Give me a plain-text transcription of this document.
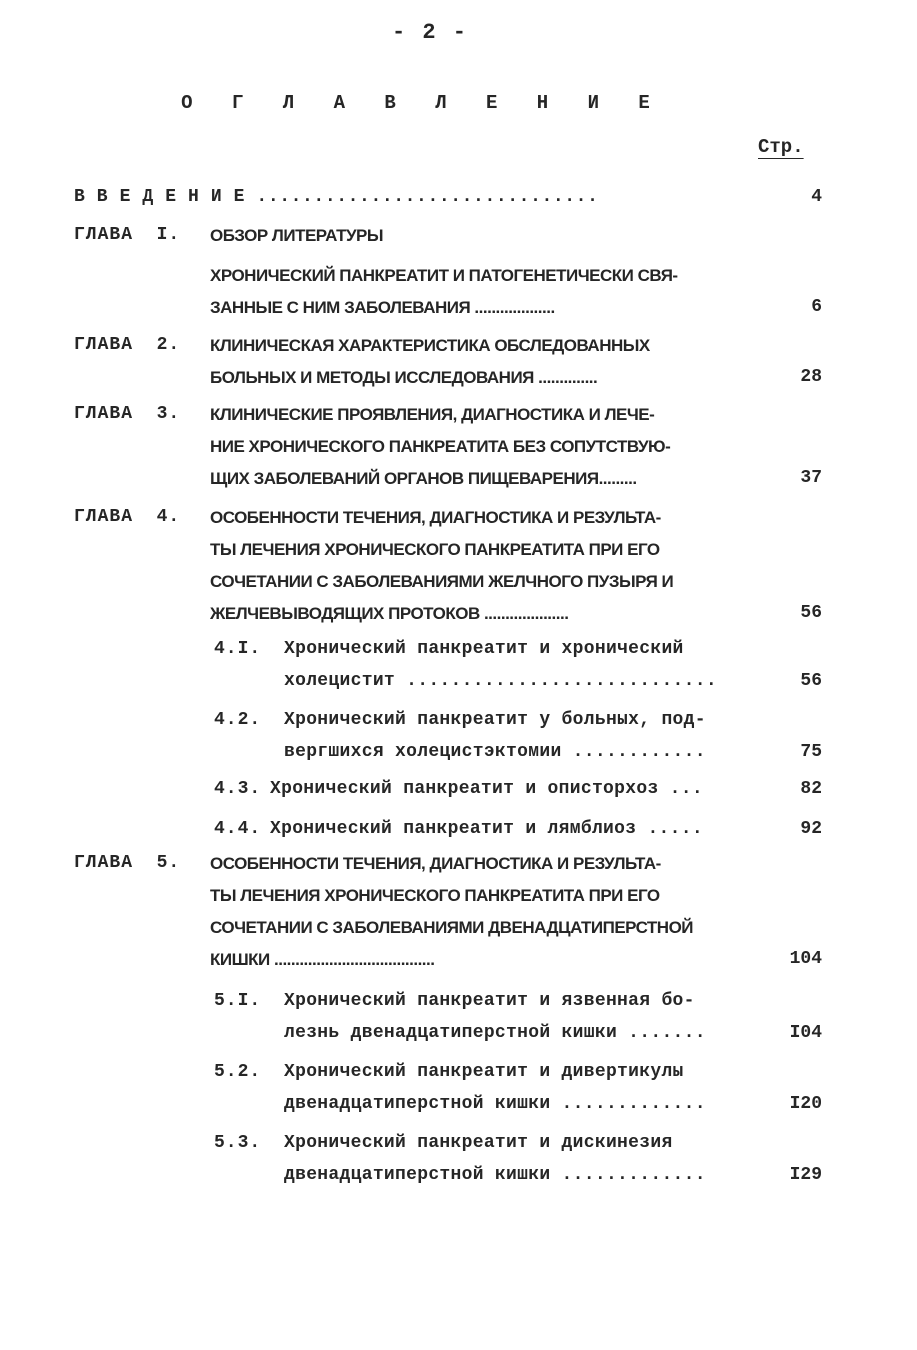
- 2 -
О Г Л А В Л Е Н И Е
Стр.
В В Е Д Е Н И Е ..............................	4
ГЛАВА  I. ОБЗОР ЛИТЕРАТУРЫ
ХРОНИЧЕСКИЙ ПАНКРЕАТИТ И ПАТОГЕНЕТИЧЕСКИ СВЯ-
ЗАННЫЕ С НИМ ЗАБОЛЕВАНИЯ ...................	6
ГЛАВА  2. КЛИНИЧЕСКАЯ ХАРАКТЕРИСТИКА ОБСЛЕДОВАННЫХ
БОЛЬНЫХ И МЕТОДЫ ИССЛЕДОВАНИЯ ..............	28
ГЛАВА  3. КЛИНИЧЕСКИЕ ПРОЯВЛЕНИЯ, ДИАГНОСТИКА И ЛЕЧЕ-
НИЕ ХРОНИЧЕСКОГО ПАНКРЕАТИТА БЕЗ СОПУТСТВУЮ-
ЩИХ ЗАБОЛЕВАНИЙ ОРГАНОВ ПИЩЕВАРЕНИЯ.........	37
ГЛАВА  4. ОСОБЕННОСТИ ТЕЧЕНИЯ, ДИАГНОСТИКА И РЕЗУЛЬТА-
ТЫ ЛЕЧЕНИЯ ХРОНИЧЕСКОГО ПАНКРЕАТИТА ПРИ ЕГО
СОЧЕТАНИИ С ЗАБОЛЕВАНИЯМИ ЖЕЛЧНОГО ПУЗЫРЯ И
ЖЕЛЧЕВЫВОДЯЩИХ ПРОТОКОВ ....................	56
4.I. Хронический панкреатит и хронический
холецистит ............................	56
4.2. Хронический панкреатит у больных, под-
вергшихся холецистэктомии ............	75
4.3. Хронический панкреатит и описторхоз ...	82
4.4. Хронический панкреатит и лямблиоз .....	92
ГЛАВА  5. ОСОБЕННОСТИ ТЕЧЕНИЯ, ДИАГНОСТИКА И РЕЗУЛЬТА-
ТЫ ЛЕЧЕНИЯ ХРОНИЧЕСКОГО ПАНКРЕАТИТА ПРИ ЕГО
СОЧЕТАНИИ С ЗАБОЛЕВАНИЯМИ ДВЕНАДЦАТИПЕРСТНОЙ
КИШКИ ......................................	104
5.I. Хронический панкреатит и язвенная бо-
лезнь двенадцатиперстной кишки .......	I04
5.2. Хронический панкреатит и дивертикулы
двенадцатиперстной кишки .............	I20
5.3. Хронический панкреатит и дискинезия
двенадцатиперстной кишки .............	I29
